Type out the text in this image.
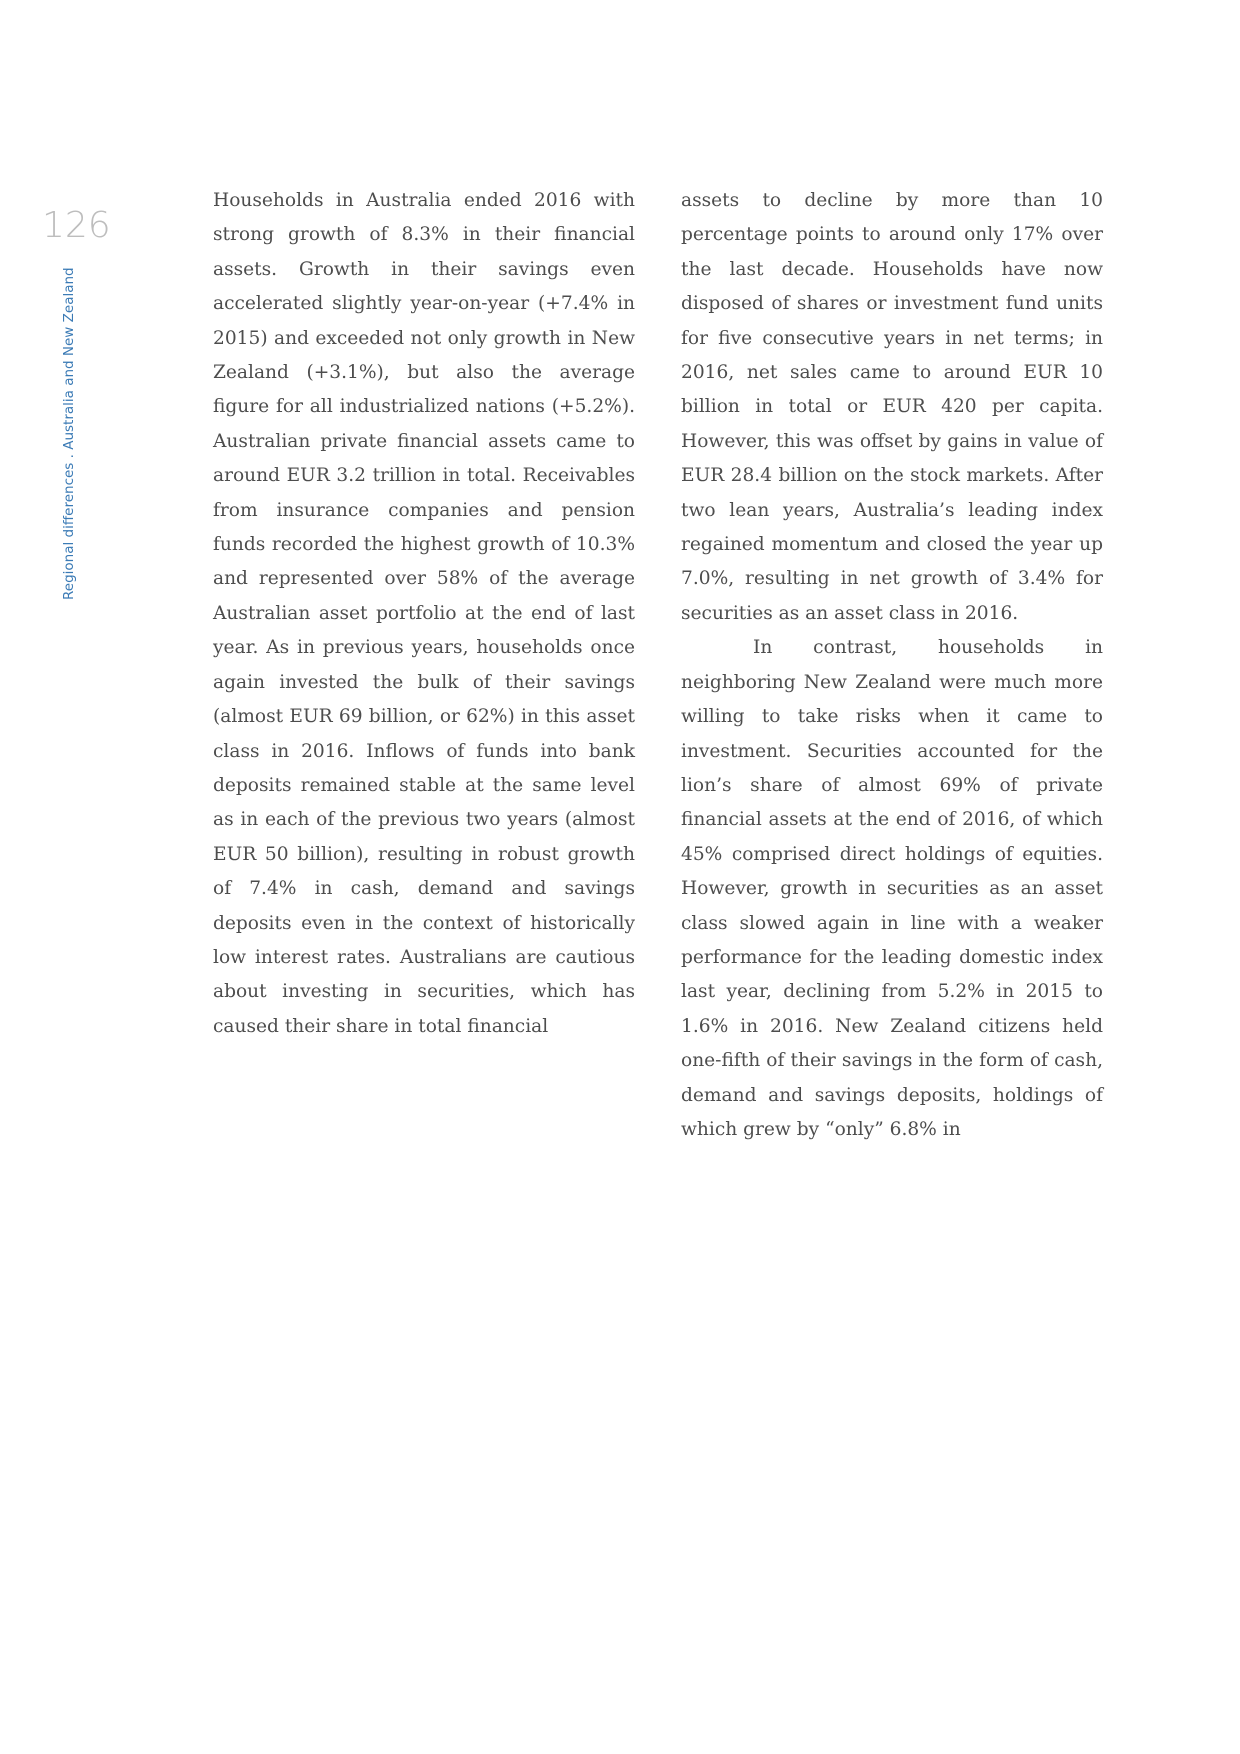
126
Regional differences . Australia and New Zealand

Households in Australia ended 2016 with strong growth of 8.3% in their financial assets. Growth in their savings even accelerated slightly year-on-year (+7.4% in 2015) and exceeded not only growth in New Zealand (+3.1%), but also the average figure for all industrialized nations (+5.2%). Australian private financial assets came to around EUR 3.2 trillion in total. Receivables from insurance companies and pension funds recorded the highest growth of 10.3% and represented over 58% of the average Australian asset portfolio at the end of last year. As in previous years, households once again invested the bulk of their savings (almost EUR 69 billion, or 62%) in this asset class in 2016. Inflows of funds into bank deposits remained stable at the same level as in each of the previous two years (almost EUR 50 billion), resulting in robust growth of 7.4% in cash, demand and savings deposits even in the context of historically low interest rates. Australians are cautious about investing in securities, which has caused their share in total financial

assets to decline by more than 10 percentage points to around only 17% over the last decade. Households have now disposed of shares or investment fund units for five consecutive years in net terms; in 2016, net sales came to around EUR 10 billion in total or EUR 420 per capita. However, this was offset by gains in value of EUR 28.4 billion on the stock markets. After two lean years, Australia’s leading index regained momentum and closed the year up 7.0%, resulting in net growth of 3.4% for securities as an asset class in 2016.

In contrast, households in neighboring New Zealand were much more willing to take risks when it came to investment. Securities accounted for the lion’s share of almost 69% of private financial assets at the end of 2016, of which 45% comprised direct holdings of equities. However, growth in securities as an asset class slowed again in line with a weaker performance for the leading domestic index last year, declining from 5.2% in 2015 to 1.6% in 2016. New Zealand citizens held one-fifth of their savings in the form of cash, demand and savings deposits, holdings of which grew by “only” 6.8% in
